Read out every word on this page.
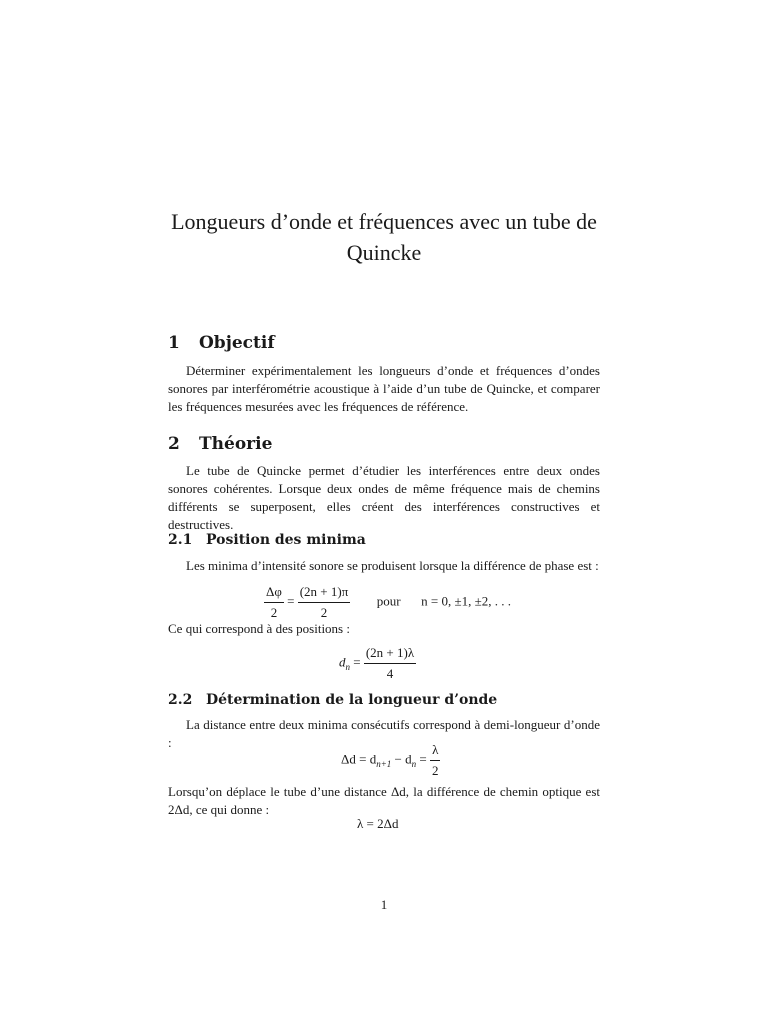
Longueurs d’onde et fréquences avec un tube de Quincke
1 Objectif
Déterminer expérimentalement les longueurs d’onde et fréquences d’ondes sonores par interférométrie acoustique à l’aide d’un tube de Quincke, et comparer les fréquences mesurées avec les fréquences de référence.
2 Théorie
Le tube de Quincke permet d’étudier les interférences entre deux ondes sonores cohérentes. Lorsque deux ondes de même fréquence mais de chemins différents se superposent, elles créent des interférences constructives et destructives.
2.1 Position des minima
Les minima d’intensité sonore se produisent lorsque la différence de phase est :
$\frac{\Delta\varphi}{2} = \frac{(2n + 1)\pi}{2}$ pour n = 0, ±1, ±2, . . .
Ce qui correspond à des positions :
$d_n = \frac{(2n + 1)\lambda}{4}$
2.2 Détermination de la longueur d’onde
La distance entre deux minima consécutifs correspond à demi-longueur d’onde :
$\Delta d = d_{n+1} - d_n = \frac{\lambda}{2}$
Lorsqu’on déplace le tube d’une distance Δd, la différence de chemin optique est 2Δd, ce qui donne :
λ = 2Δd
1
